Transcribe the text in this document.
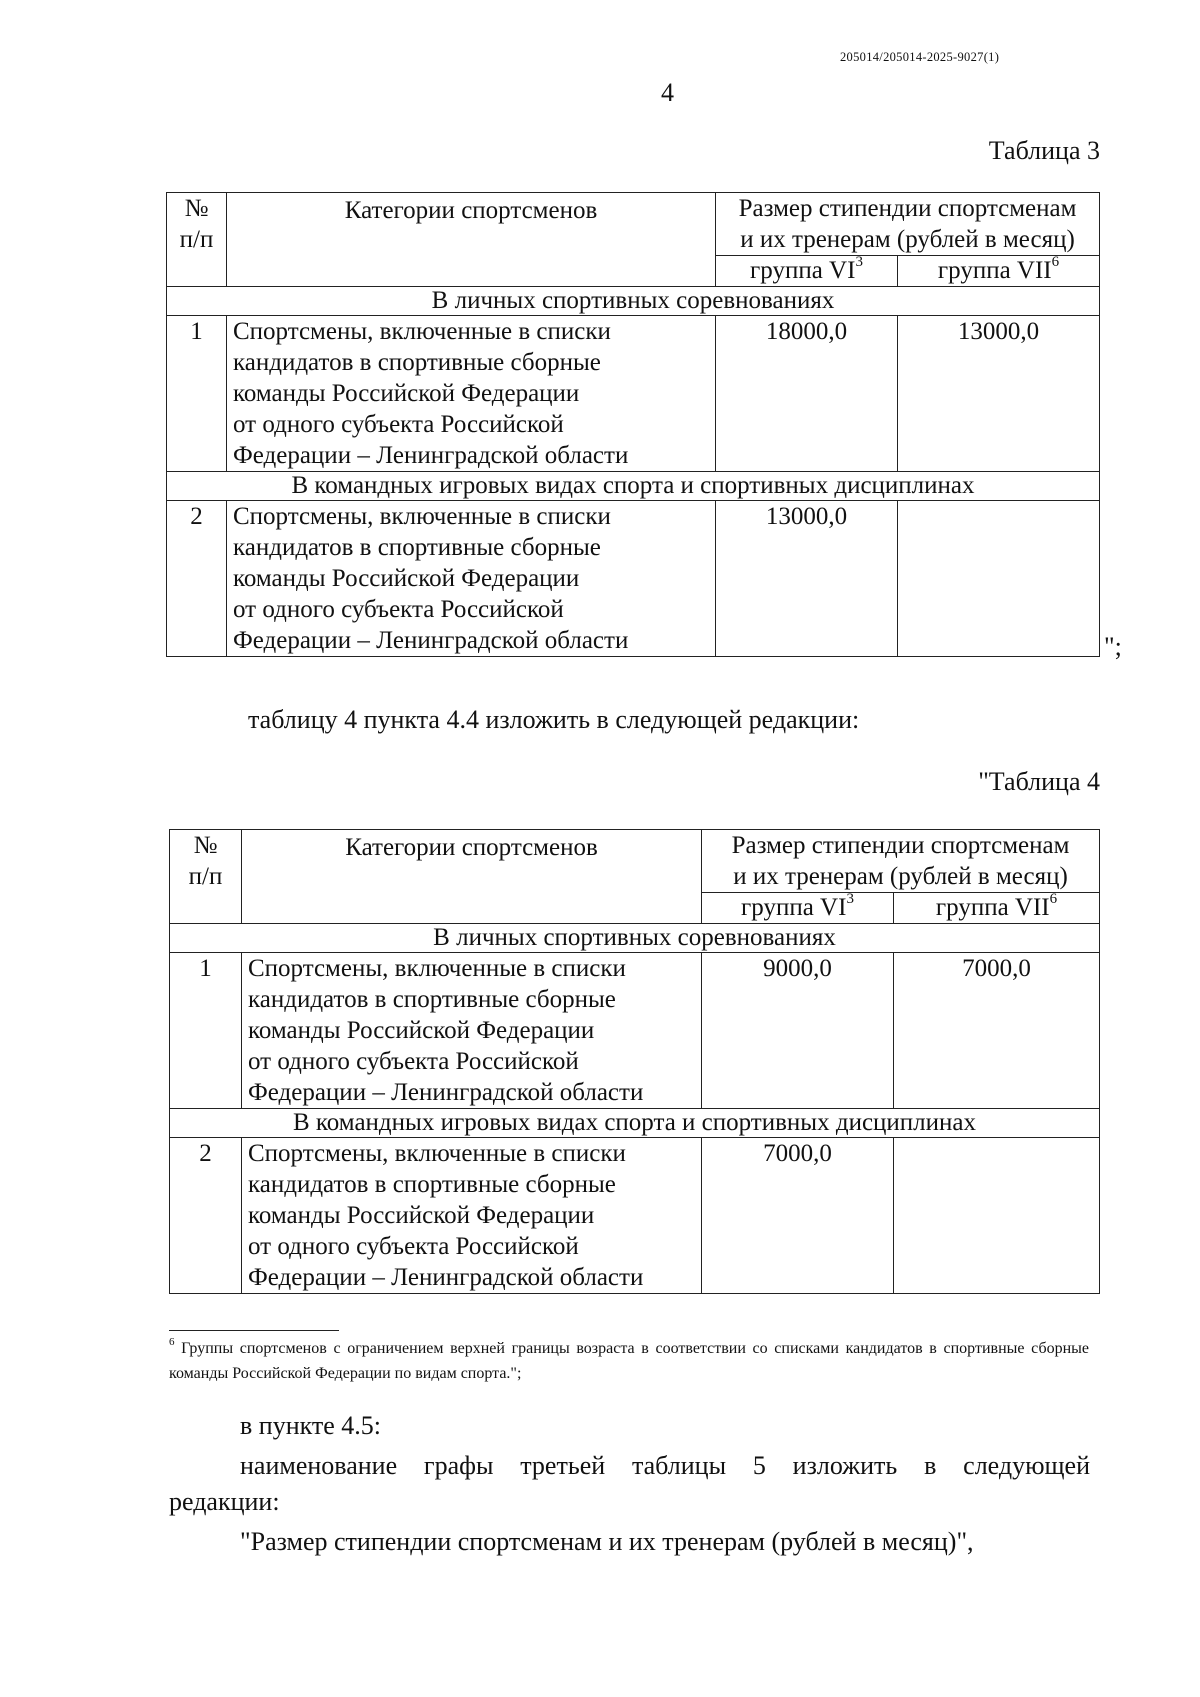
205014/205014-2025-9027(1)
4
Таблица 3
№
п/п	Категории спортсменов	Размер стипендии спортсменам
и их тренерам (рублей в месяц)	
		группа $VI^3$	группа VII$^6$
В личных спортивных соревнованиях			
1	Спортсмены, включенные в списки
кандидатов в спортивные сборные
команды Российской Федерации
от одного субъекта Российской
Федерации – Ленинградской области	18000,0	13000,0
В командных игровых видах спорта и спортивных дисциплинах			
2	Спортсмены, включенные в списки
кандидатов в спортивные сборные
команды Российской Федерации
от одного субъекта Российской
Федерации – Ленинградской области	13000,0	
";
таблицу 4 пункта 4.4 изложить в следующей редакции:
"Таблица 4
№
п/п	Категории спортсменов	Размер стипендии спортсменам
и их тренерам (рублей в месяц)	
		группа $VI^3$	группа VII$^6$
В личных спортивных соревнованиях			
1	Спортсмены, включенные в списки
кандидатов в спортивные сборные
команды Российской Федерации
от одного субъекта Российской
Федерации – Ленинградской области	9000,0	7000,0
В командных игровых видах спорта и спортивных дисциплинах			
2	Спортсмены, включенные в списки
кандидатов в спортивные сборные
команды Российской Федерации
от одного субъекта Российской
Федерации – Ленинградской области	7000,0	
$^6$ Группы спортсменов с ограничением верхней границы возраста в соответствии со списками кандидатов в спортивные сборные команды Российской Федерации по видам спорта.";
в пункте 4.5:
наименование графы третьей таблицы 5 изложить в следующей
редакции:
"Размер стипендии спортсменам и их тренерам (рублей в месяц)",
